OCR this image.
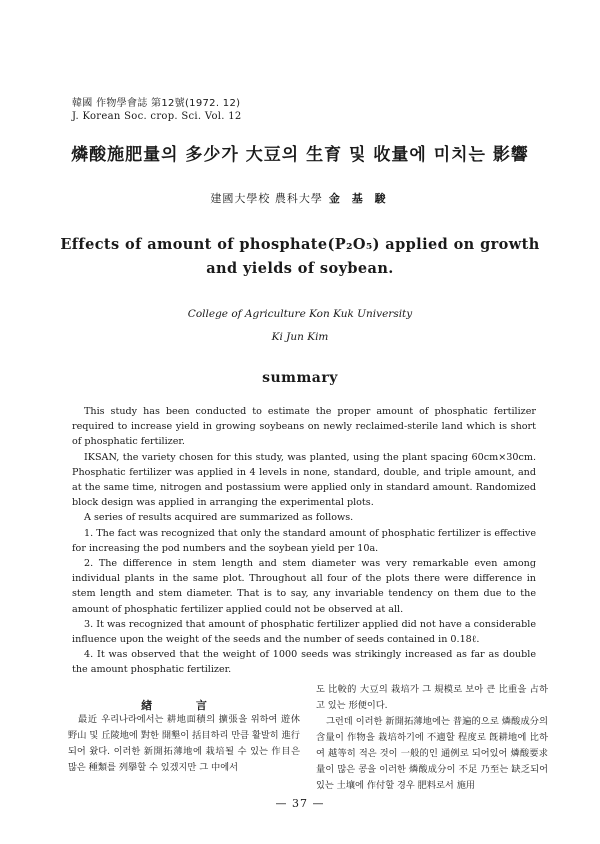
韓國 作物學會誌 第12號(1972. 12)

J. Korean Soc. crop. Sci. Vol. 12

燐酸施肥量의 多少가 大豆의 生育 및 收量에 미치는 影響

建國大學校 農科大學 金 基 駿

Effects of amount of phosphate(P₂O₅) applied on growth
and yields of soybean.

College of Agriculture Kon Kuk University

Ki Jun Kim

summary

This study has been conducted to estimate the proper amount of phosphatic fertilizer required to increase yield in growing soybeans on newly reclaimed-sterile land which is short of phosphatic fertilizer.

IKSAN, the variety chosen for this study, was planted, using the plant spacing 60cm×30cm. Phosphatic fertilizer was applied in 4 levels in none, standard, double, and triple amount, and at the same time, nitrogen and postassium were applied only in standard amount. Randomized block design was applied in arranging the experimental plots.

A series of results acquired are summarized as follows.

1. The fact was recognized that only the standard amount of phosphatic fertilizer is effective for increasing the pod numbers and the soybean yield per 10a.

2. The difference in stem length and stem diameter was very remarkable even among individual plants in the same plot. Throughout all four of the plots there were difference in stem length and stem diameter. That is to say, any invariable tendency on them due to the amount of phosphatic fertilizer applied could not be observed at all.

3. It was recognized that amount of phosphatic fertilizer applied did not have a considerable influence upon the weight of the seeds and the number of seeds contained in 0.18ℓ.

4. It was observed that the weight of 1000 seeds was strikingly increased as far as double the amount phosphatic fertilizer.

緖 言

最近 우리나라에서는 耕地面積의 擴張을 위하여 遊休野山 및 丘陵地에 對한 開墾이 括目하리 만큼 활발히 進行되어 왔다. 이러한 新開拓薄地에 栽培될 수 있는 作目은 많은 種類를 列擧할 수 있겠지만 그 中에서

도 比較的 大豆의 栽培가 그 規模로 보아 큰 比重을 占하고 있는 形便이다.

그런데 이러한 新開拓薄地에는 普遍的으로 燐酸成分의 含量이 作物을 栽培하기에 不適할 程度로 旣耕地에 比하여 越等히 적은 것이 一般的인 通例로 되어있어 燐酸要求量이 많은 콩을 이러한 燐酸成分이 不足 乃至는 缺乏되어 있는 土壤에 作付할 경우 肥料로서 施用

— 37 —
